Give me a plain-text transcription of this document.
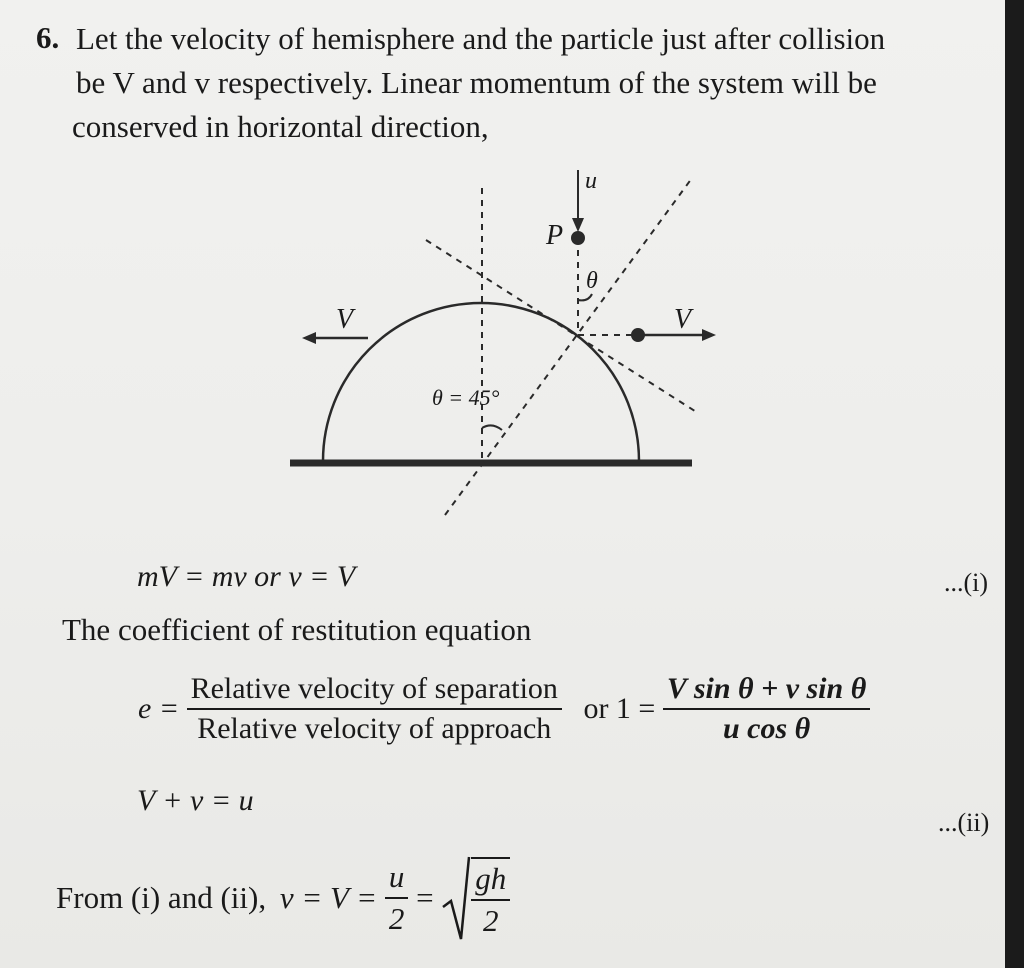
6. Let the velocity of hemisphere and the particle just after collision
be V and v respectively. Linear momentum of the system will be
conserved in horizontal direction,
u
P
θ
V	V
θ = 45°
mV = mv or v = V	...(i)
The coefficient of restitution equation
$e = \frac{\text{Relative velocity of separation}}{\text{Relative velocity of approach}}$ or $1 = \frac{\text{V sin θ + v sin θ}}{\text{u cos θ}}$
V + v = u
...(ii)
From (i) and (ii), $v = V = \frac{u}{2} = \frac{gh}{2}$
